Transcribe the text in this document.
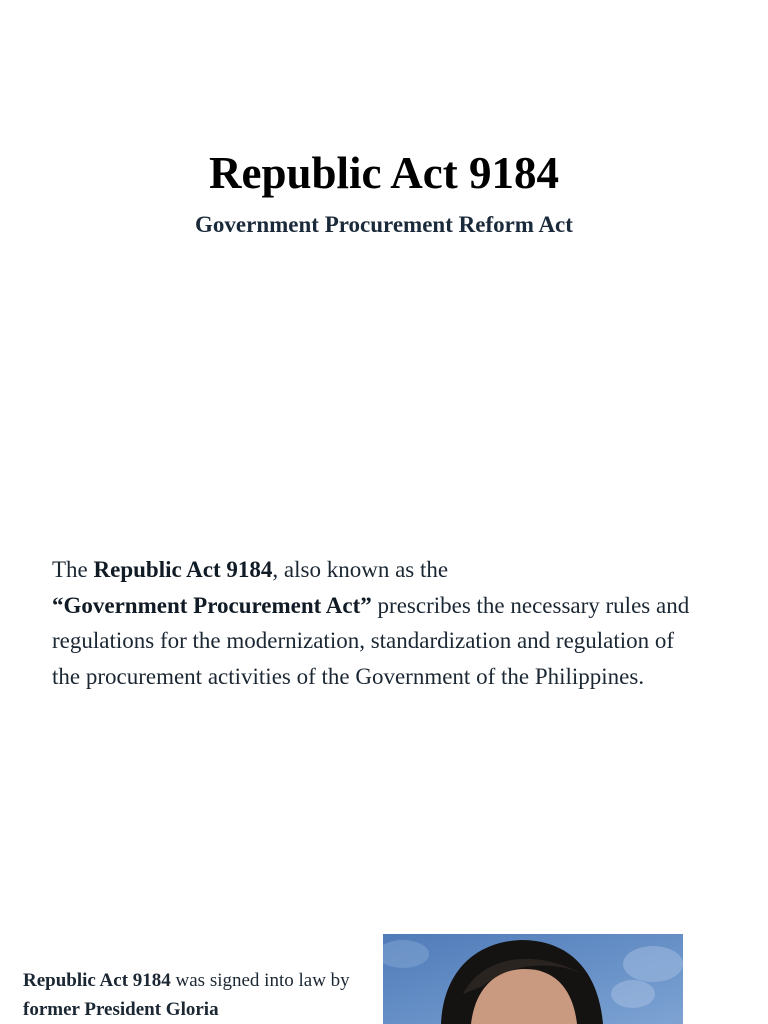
Republic Act 9184
Government Procurement Reform Act
The Republic Act 9184, also known as the
“Government Procurement Act” prescribes the necessary rules and regulations for the modernization, standardization and regulation of the procurement activities of the Government of the Philippines.
Republic Act 9184 was signed into law by former President Gloria
